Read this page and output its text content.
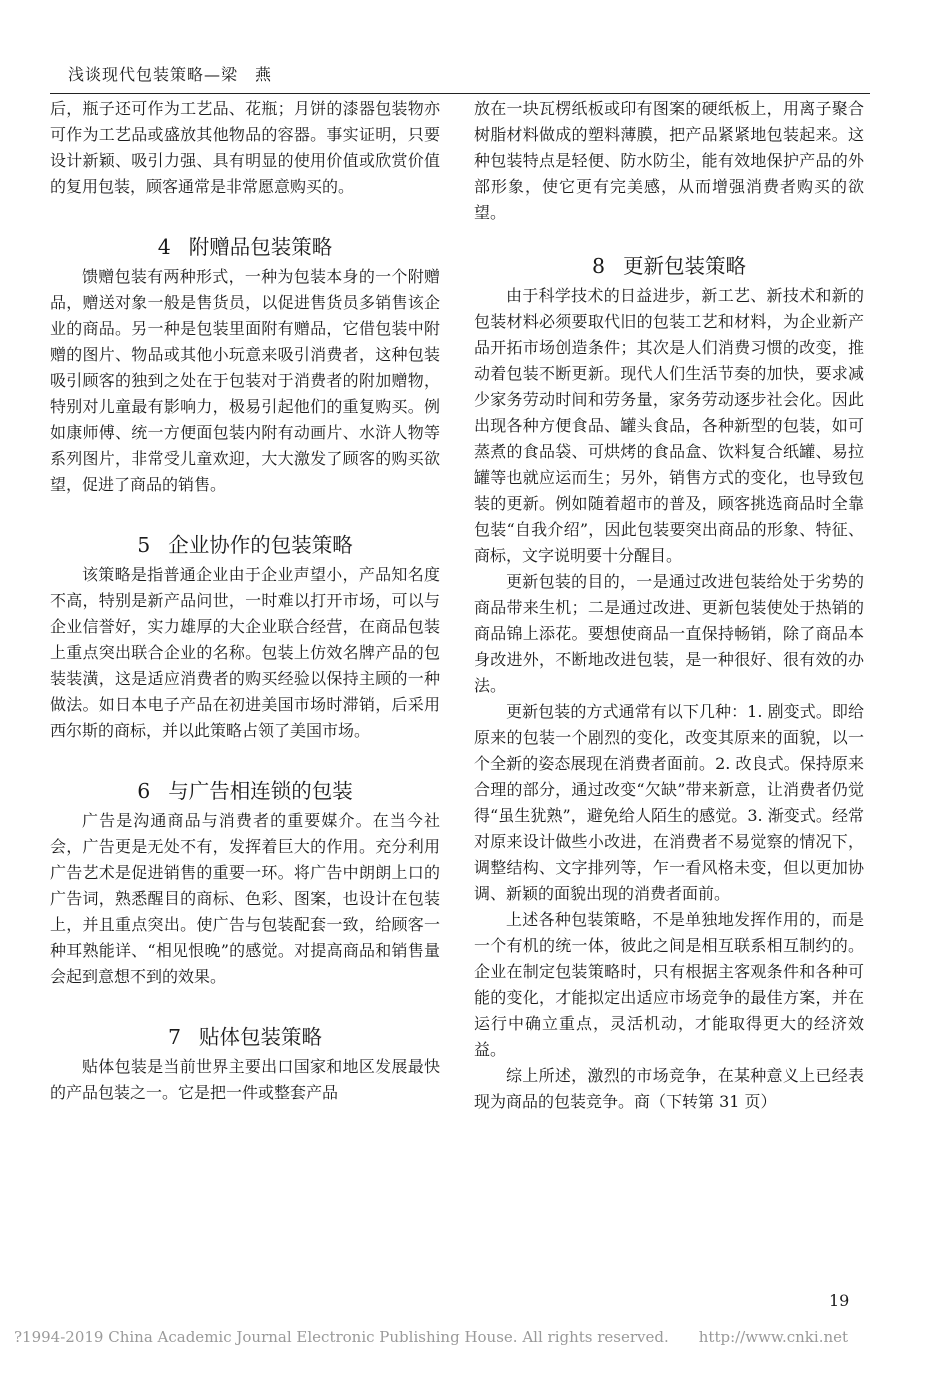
浅谈现代包装策略—梁　燕

后，瓶子还可作为工艺品、花瓶；月饼的漆器包装物亦可作为工艺品或盛放其他物品的容器。事实证明，只要设计新颖、吸引力强、具有明显的使用价值或欣赏价值的复用包装，顾客通常是非常愿意购买的。

4 附赠品包装策略

馈赠包装有两种形式，一种为包装本身的一个附赠品，赠送对象一般是售货员，以促进售货员多销售该企业的商品。另一种是包装里面附有赠品，它借包装中附赠的图片、物品或其他小玩意来吸引消费者，这种包装吸引顾客的独到之处在于包装对于消费者的附加赠物，特别对儿童最有影响力，极易引起他们的重复购买。例如康师傅、统一方便面包装内附有动画片、水浒人物等系列图片，非常受儿童欢迎，大大激发了顾客的购买欲望，促进了商品的销售。

5 企业协作的包装策略

该策略是指普通企业由于企业声望小，产品知名度不高，特别是新产品问世，一时难以打开市场，可以与企业信誉好，实力雄厚的大企业联合经营，在商品包装上重点突出联合企业的名称。包装上仿效名牌产品的包装装潢，这是适应消费者的购买经验以保持主顾的一种做法。如日本电子产品在初进美国市场时滞销，后采用西尔斯的商标，并以此策略占领了美国市场。

6 与广告相连锁的包装

广告是沟通商品与消费者的重要媒介。在当今社会，广告更是无处不有，发挥着巨大的作用。充分利用广告艺术是促进销售的重要一环。将广告中朗朗上口的广告词，熟悉醒目的商标、色彩、图案，也设计在包装上，并且重点突出。使广告与包装配套一致，给顾客一种耳熟能详、“相见恨晚”的感觉。对提高商品和销售量会起到意想不到的效果。

7 贴体包装策略

贴体包装是当前世界主要出口国家和地区发展最快的产品包装之一。它是把一件或整套产品

放在一块瓦楞纸板或印有图案的硬纸板上，用离子聚合树脂材料做成的塑料薄膜，把产品紧紧地包装起来。这种包装特点是轻便、防水防尘，能有效地保护产品的外部形象，使它更有完美感，从而增强消费者购买的欲望。

8 更新包装策略

由于科学技术的日益进步，新工艺、新技术和新的包装材料必须要取代旧的包装工艺和材料，为企业新产品开拓市场创造条件；其次是人们消费习惯的改变，推动着包装不断更新。现代人们生活节奏的加快，要求减少家务劳动时间和劳务量，家务劳动逐步社会化。因此出现各种方便食品、罐头食品，各种新型的包装，如可蒸煮的食品袋、可烘烤的食品盒、饮料复合纸罐、易拉罐等也就应运而生；另外，销售方式的变化，也导致包装的更新。例如随着超市的普及，顾客挑选商品时全靠包装“自我介绍”，因此包装要突出商品的形象、特征、商标，文字说明要十分醒目。

更新包装的目的，一是通过改进包装给处于劣势的商品带来生机；二是通过改进、更新包装使处于热销的商品锦上添花。要想使商品一直保持畅销，除了商品本身改进外，不断地改进包装，是一种很好、很有效的办法。

更新包装的方式通常有以下几种：1. 剧变式。即给原来的包装一个剧烈的变化，改变其原来的面貌，以一个全新的姿态展现在消费者面前。2. 改良式。保持原来合理的部分，通过改变“欠缺”带来新意，让消费者仍觉得“虽生犹熟”，避免给人陌生的感觉。3. 渐变式。经常对原来设计做些小改进，在消费者不易觉察的情况下，调整结构、文字排列等，乍一看风格未变，但以更加协调、新颖的面貌出现的消费者面前。

上述各种包装策略，不是单独地发挥作用的，而是一个有机的统一体，彼此之间是相互联系相互制约的。企业在制定包装策略时，只有根据主客观条件和各种可能的变化，才能拟定出适应市场竞争的最佳方案，并在运行中确立重点，灵活机动，才能取得更大的经济效益。

综上所述，激烈的市场竞争，在某种意义上已经表现为商品的包装竞争。商（下转第 31 页）

19
?1994-2019 China Academic Journal Electronic Publishing House. All rights reserved.　　http://www.cnki.net
